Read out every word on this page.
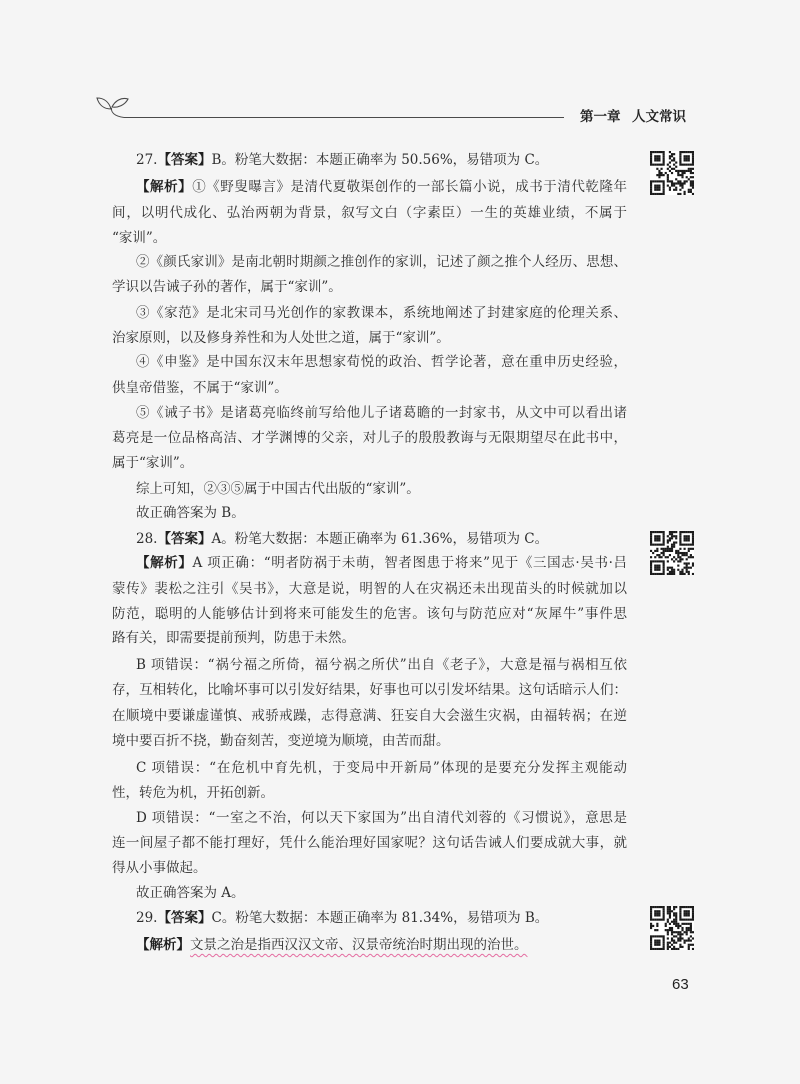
第一章 人文常识
27.【答案】B。粉笔大数据：本题正确率为 50.56%，易错项为 C。
【解析】①《野叟曝言》是清代夏敬渠创作的一部长篇小说，成书于清代乾隆年
间，以明代成化、弘治两朝为背景，叙写文白（字素臣）一生的英雄业绩，不属于
“家训”。
②《颜氏家训》是南北朝时期颜之推创作的家训，记述了颜之推个人经历、思想、
学识以告诫子孙的著作，属于“家训”。
③《家范》是北宋司马光创作的家教课本，系统地阐述了封建家庭的伦理关系、
治家原则，以及修身养性和为人处世之道，属于“家训”。
④《申鉴》是中国东汉末年思想家荀悦的政治、哲学论著，意在重申历史经验，
供皇帝借鉴，不属于“家训”。
⑤《诫子书》是诸葛亮临终前写给他儿子诸葛瞻的一封家书，从文中可以看出诸
葛亮是一位品格高洁、才学渊博的父亲，对儿子的殷殷教诲与无限期望尽在此书中，
属于“家训”。
综上可知，②③⑤属于中国古代出版的“家训”。
故正确答案为 B。
28.【答案】A。粉笔大数据：本题正确率为 61.36%，易错项为 C。
【解析】A 项正确：“明者防祸于未萌，智者图患于将来”见于《三国志·吴书·吕
蒙传》裴松之注引《吴书》，大意是说，明智的人在灾祸还未出现苗头的时候就加以
防范，聪明的人能够估计到将来可能发生的危害。该句与防范应对“灰犀牛”事件思
路有关，即需要提前预判，防患于未然。
B 项错误：“祸兮福之所倚，福兮祸之所伏”出自《老子》，大意是福与祸相互依
存，互相转化，比喻坏事可以引发好结果，好事也可以引发坏结果。这句话暗示人们：
在顺境中要谦虚谨慎、戒骄戒躁，志得意满、狂妄自大会滋生灾祸，由福转祸；在逆
境中要百折不挠，勤奋刻苦，变逆境为顺境，由苦而甜。
C 项错误：“在危机中育先机，于变局中开新局”体现的是要充分发挥主观能动
性，转危为机，开拓创新。
D 项错误：“一室之不治，何以天下家国为”出自清代刘蓉的《习惯说》，意思是
连一间屋子都不能打理好，凭什么能治理好国家呢？这句话告诫人们要成就大事，就
得从小事做起。
故正确答案为 A。
29.【答案】C。粉笔大数据：本题正确率为 81.34%，易错项为 B。
【解析】文景之治是指西汉汉文帝、汉景帝统治时期出现的治世。
63
